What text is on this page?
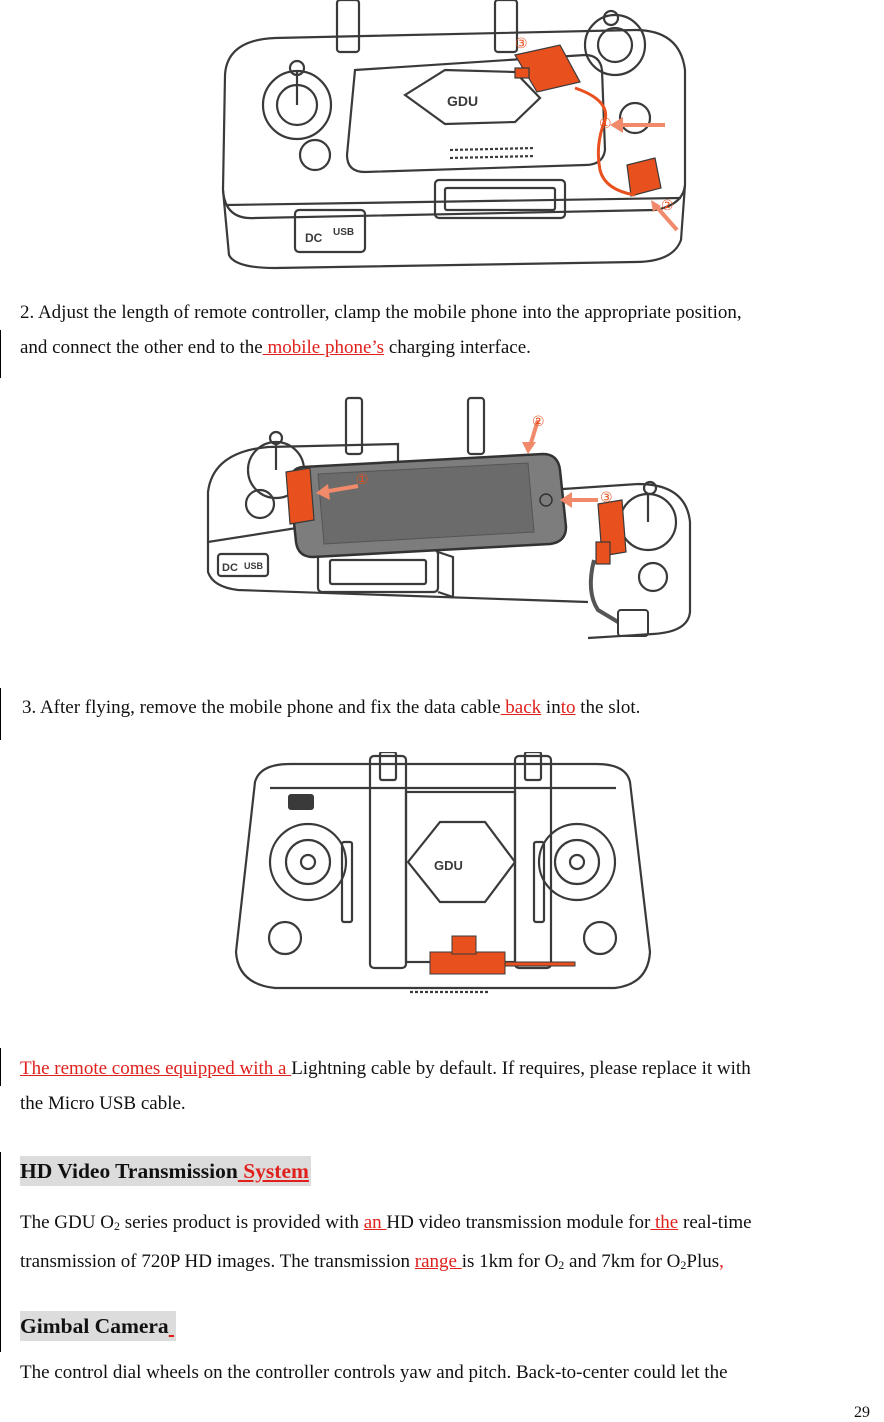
GDU
DC USB
③
①
②

2. Adjust the length of remote controller, clamp the mobile phone into the appropriate position,
and connect the other end to the mobile phone’s charging interface.

①
②
③
DC USB

3. After flying, remove the mobile phone and fix the data cable back into the slot.

GDU

The remote comes equipped with a Lightning cable by default. If requires, please replace it with
the Micro USB cable.

HD Video Transmission System

The GDU O2 series product is provided with an HD video transmission module for the real-time
transmission of 720P HD images. The transmission range is 1km for O2 and 7km for O2Plus,

Gimbal Camera

The control dial wheels on the controller controls yaw and pitch. Back-to-center could let the

29
